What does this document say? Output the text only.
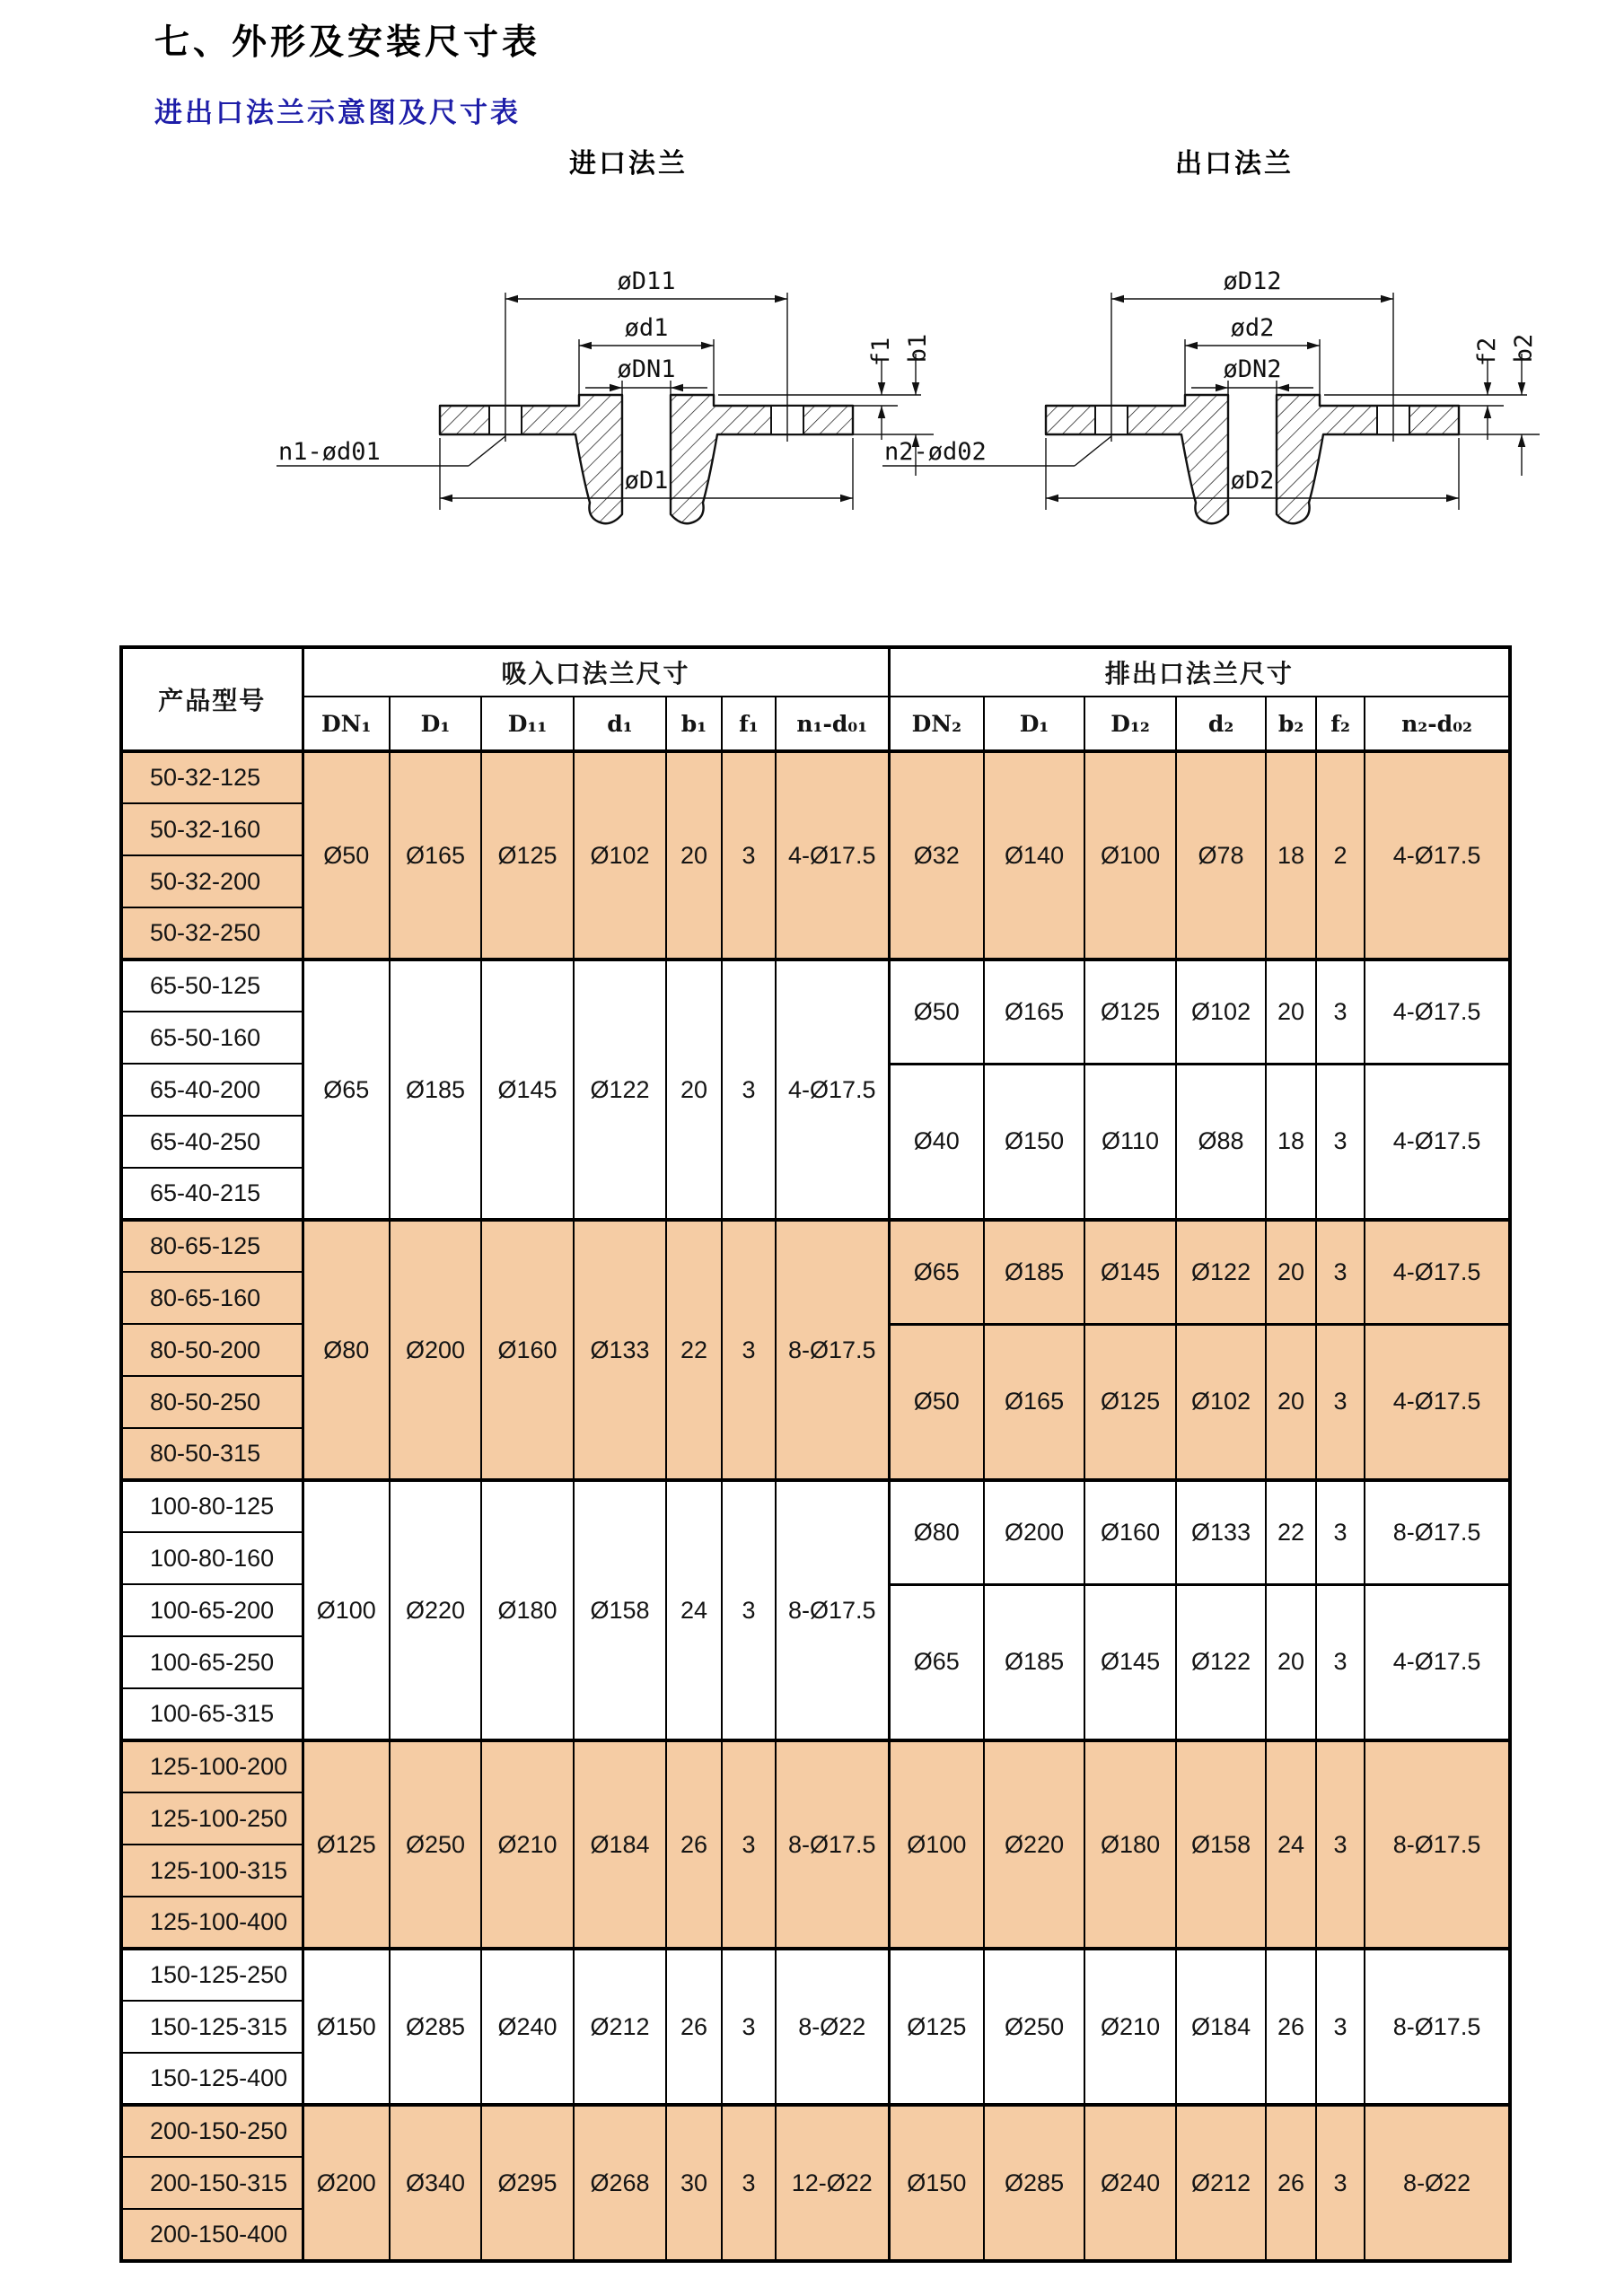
七、外形及安装尺寸表
进出口法兰示意图及尺寸表
进口法兰
øD11
ød1
øDN1
øD1
f1 b1
n1-ød01
出口法兰
øD12
ød2
øDN2
øD2
f2 b2
n2-ød02
产品型号	吸入口法兰尺寸							排出口法兰尺寸						
	DN₁	D₁	D₁₁	d₁	b₁	f₁	n₁-d₀₁	DN₂	D₁	D₁₂	d₂	b₂	f₂	n₂-d₀₂
50-32-125	Ø50	Ø165	Ø125	Ø102	20	3	4-Ø17.5	Ø32	Ø140	Ø100	Ø78	18	2	4-Ø17.5
50-32-160														
50-32-200														
50-32-250														
65-50-125	Ø65	Ø185	Ø145	Ø122	20	3	4-Ø17.5	Ø50	Ø165	Ø125	Ø102	20	3	4-Ø17.5
65-50-160														
65-40-200								Ø40	Ø150	Ø110	Ø88	18	3	4-Ø17.5
65-40-250														
65-40-215														
80-65-125	Ø80	Ø200	Ø160	Ø133	22	3	8-Ø17.5	Ø65	Ø185	Ø145	Ø122	20	3	4-Ø17.5
80-65-160														
80-50-200								Ø50	Ø165	Ø125	Ø102	20	3	4-Ø17.5
80-50-250														
80-50-315														
100-80-125	Ø100	Ø220	Ø180	Ø158	24	3	8-Ø17.5	Ø80	Ø200	Ø160	Ø133	22	3	8-Ø17.5
100-80-160														
100-65-200								Ø65	Ø185	Ø145	Ø122	20	3	4-Ø17.5
100-65-250														
100-65-315														
125-100-200	Ø125	Ø250	Ø210	Ø184	26	3	8-Ø17.5	Ø100	Ø220	Ø180	Ø158	24	3	8-Ø17.5
125-100-250														
125-100-315														
125-100-400														
150-125-250	Ø150	Ø285	Ø240	Ø212	26	3	8-Ø22	Ø125	Ø250	Ø210	Ø184	26	3	8-Ø17.5
150-125-315														
150-125-400														
200-150-250	Ø200	Ø340	Ø295	Ø268	30	3	12-Ø22	Ø150	Ø285	Ø240	Ø212	26	3	8-Ø22
200-150-315														
200-150-400														
